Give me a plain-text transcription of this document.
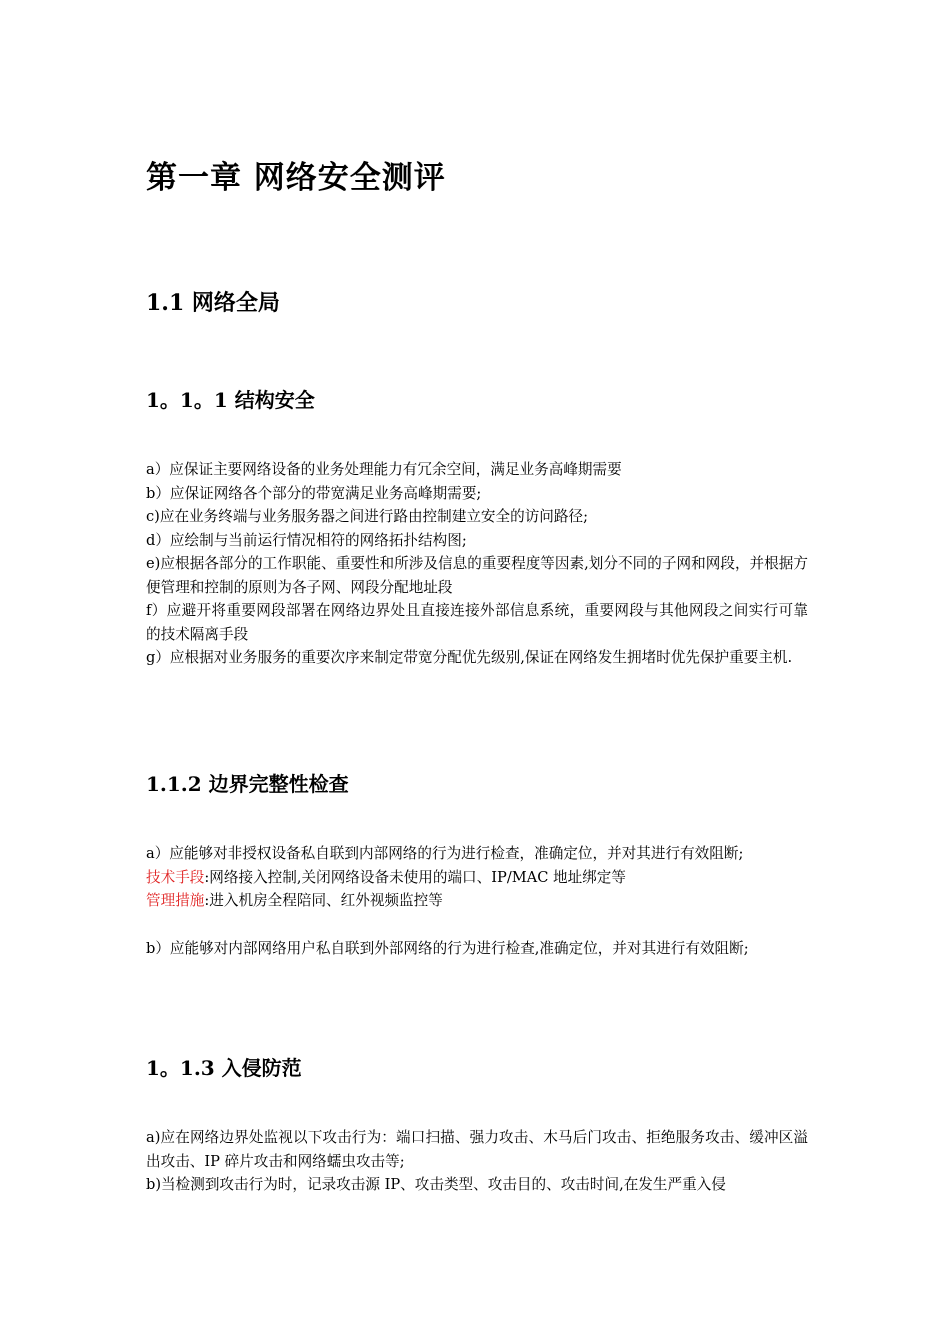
第一章 网络安全测评
1.1 网络全局
1。1。1 结构安全

a）应保证主要网络设备的业务处理能力有冗余空间，满足业务高峰期需要

b）应保证网络各个部分的带宽满足业务高峰期需要;

c)应在业务终端与业务服务器之间进行路由控制建立安全的访问路径;

d）应绘制与当前运行情况相符的网络拓扑结构图;

e)应根据各部分的工作职能、重要性和所涉及信息的重要程度等因素,划分不同的子网和网段，并根据方便管理和控制的原则为各子网、网段分配地址段

f）应避开将重要网段部署在网络边界处且直接连接外部信息系统，重要网段与其他网段之间实行可靠的技术隔离手段

g）应根据对业务服务的重要次序来制定带宽分配优先级别,保证在网络发生拥堵时优先保护重要主机.

1.1.2 边界完整性检查

a）应能够对非授权设备私自联到内部网络的行为进行检查，准确定位，并对其进行有效阻断;

技术手段:网络接入控制,关闭网络设备未使用的端口、IP/MAC 地址绑定等

管理措施:进入机房全程陪同、红外视频监控等

b）应能够对内部网络用户私自联到外部网络的行为进行检查,准确定位，并对其进行有效阻断;

1。1.3 入侵防范

a)应在网络边界处监视以下攻击行为：端口扫描、强力攻击、木马后门攻击、拒绝服务攻击、缓冲区溢出攻击、IP 碎片攻击和网络蠕虫攻击等;

b)当检测到攻击行为时，记录攻击源 IP、攻击类型、攻击目的、攻击时间,在发生严重入侵
